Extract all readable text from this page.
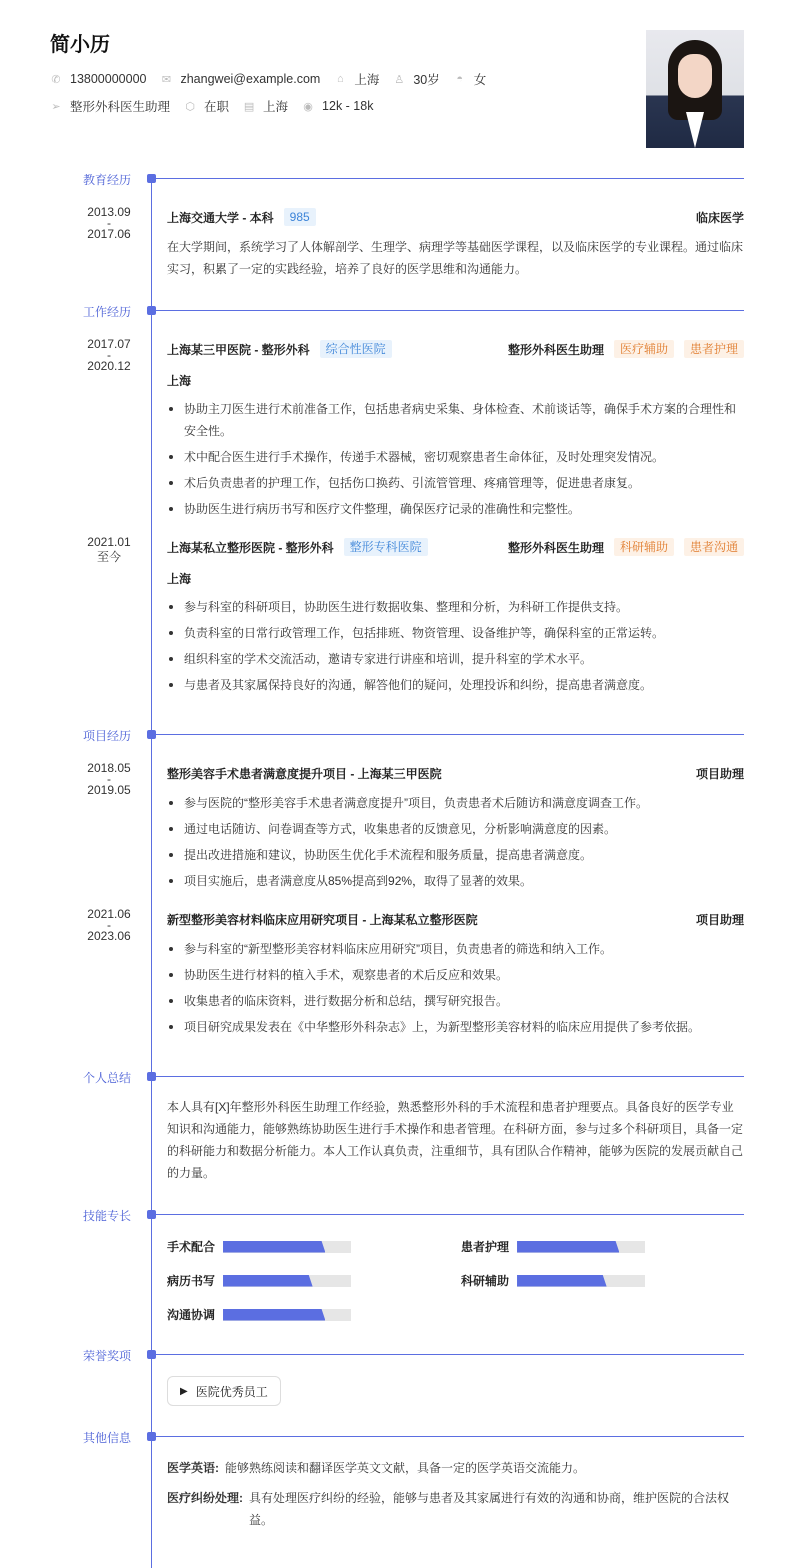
简小历
✆ 13800000000 ✉ zhangwei@example.com ⌂ 上海 ♙ 30岁 ◓ 女
➢ 整形外科医生助理 ⬡ 在职 ▤ 上海 ◉ 12k - 18k
教育经历
2013.09
-
2017.06
上海交通大学 - 本科	985	临床医学
在大学期间，系统学习了人体解剖学、生理学、病理学等基础医学课程，以及临床医学的专业课程。通过临床实习，积累了一定的实践经验，培养了良好的医学思维和沟通能力。
工作经历
2017.07
-
2020.12
上海某三甲医院 - 整形外科	综合性医院	整形外科医生助理	医疗辅助	患者护理
上海
协助主刀医生进行术前准备工作，包括患者病史采集、身体检查、术前谈话等，确保手术方案的合理性和安全性。
术中配合医生进行手术操作，传递手术器械，密切观察患者生命体征，及时处理突发情况。
术后负责患者的护理工作，包括伤口换药、引流管管理、疼痛管理等，促进患者康复。
协助医生进行病历书写和医疗文件整理，确保医疗记录的准确性和完整性。
2021.01
至今
上海某私立整形医院 - 整形外科	整形专科医院	整形外科医生助理	科研辅助	患者沟通
上海
参与科室的科研项目，协助医生进行数据收集、整理和分析，为科研工作提供支持。
负责科室的日常行政管理工作，包括排班、物资管理、设备维护等，确保科室的正常运转。
组织科室的学术交流活动，邀请专家进行讲座和培训，提升科室的学术水平。
与患者及其家属保持良好的沟通，解答他们的疑问，处理投诉和纠纷，提高患者满意度。
项目经历
2018.05
-
2019.05
整形美容手术患者满意度提升项目 - 上海某三甲医院	项目助理
参与医院的“整形美容手术患者满意度提升”项目，负责患者术后随访和满意度调查工作。
通过电话随访、问卷调查等方式，收集患者的反馈意见，分析影响满意度的因素。
提出改进措施和建议，协助医生优化手术流程和服务质量，提高患者满意度。
项目实施后，患者满意度从85%提高到92%，取得了显著的效果。
2021.06
-
2023.06
新型整形美容材料临床应用研究项目 - 上海某私立整形医院	项目助理
参与科室的“新型整形美容材料临床应用研究”项目，负责患者的筛选和纳入工作。
协助医生进行材料的植入手术，观察患者的术后反应和效果。
收集患者的临床资料，进行数据分析和总结，撰写研究报告。
项目研究成果发表在《中华整形外科杂志》上，为新型整形美容材料的临床应用提供了参考依据。
个人总结
本人具有[X]年整形外科医生助理工作经验，熟悉整形外科的手术流程和患者护理要点。具备良好的医学专业知识和沟通能力，能够熟练协助医生进行手术操作和患者管理。在科研方面，参与过多个科研项目，具备一定的科研能力和数据分析能力。本人工作认真负责，注重细节，具有团队合作精神，能够为医院的发展贡献自己的力量。
技能专长
手术配合	患者护理
病历书写	科研辅助
沟通协调
荣誉奖项
▶ 医院优秀员工
其他信息
医学英语: 能够熟练阅读和翻译医学英文文献，具备一定的医学英语交流能力。
医疗纠纷处理: 具有处理医疗纠纷的经验，能够与患者及其家属进行有效的沟通和协商，维护医院的合法权益。
